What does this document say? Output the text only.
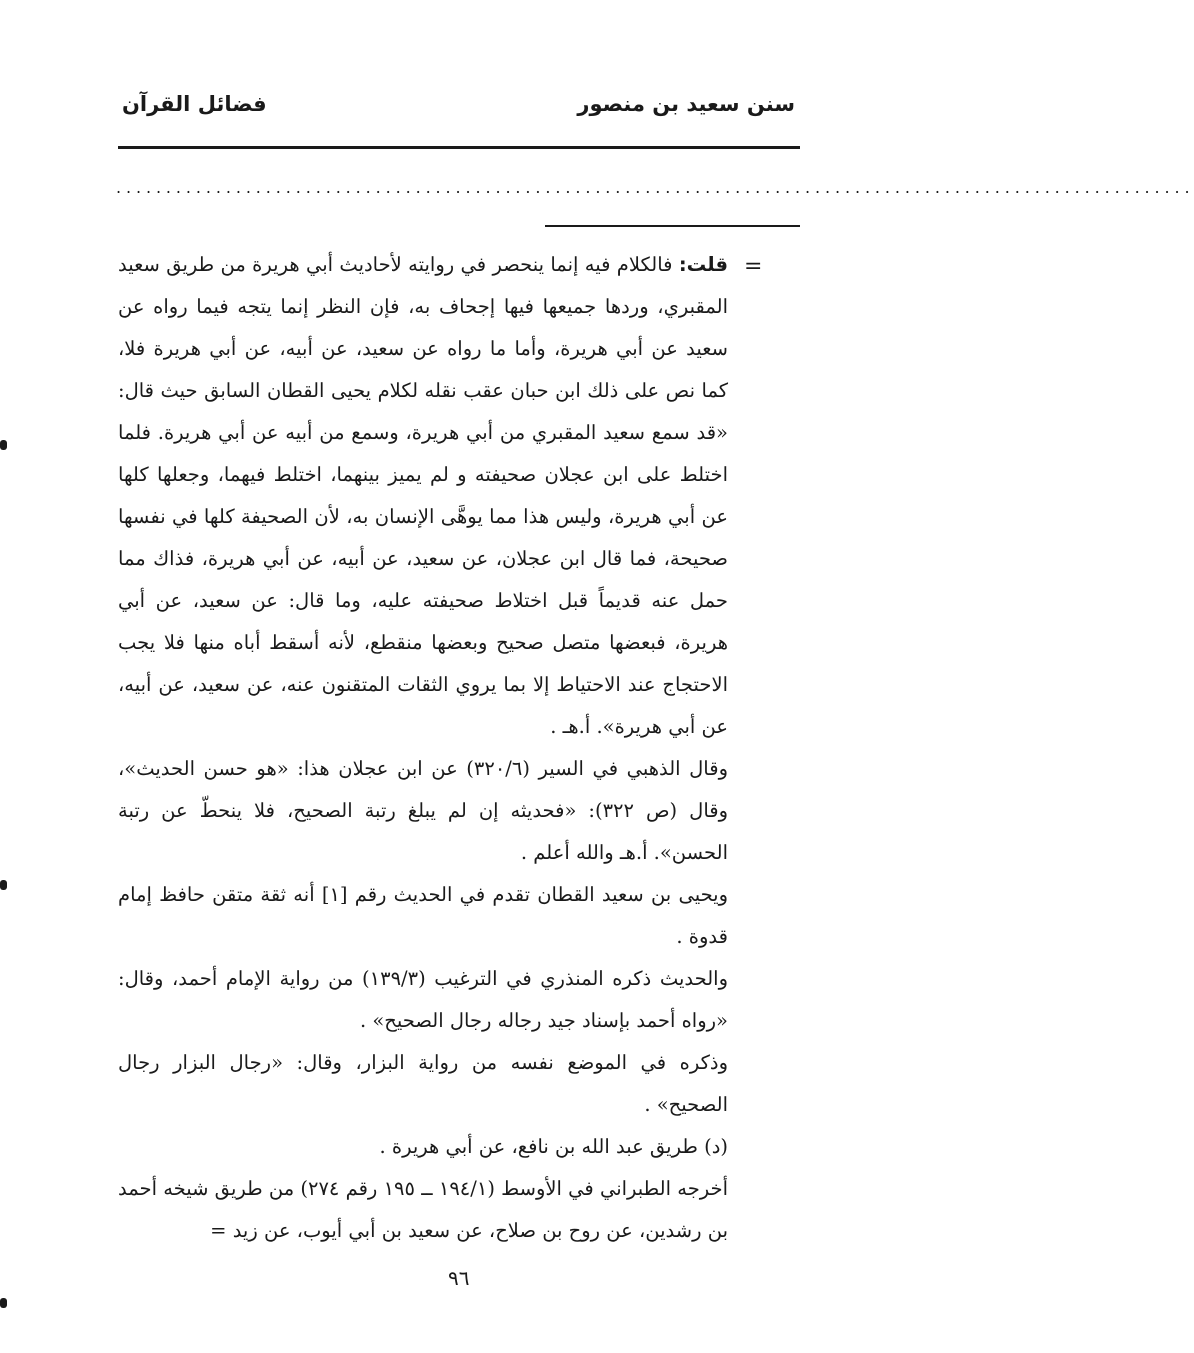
سنن سعيد بن منصور
فضائل القرآن
............................................................................................................
=

قلت: فالكلام فيه إنما ينحصر في روايته لأحاديث أبي هريرة من طريق سعيد المقبري، وردها جميعها فيها إجحاف به، فإن النظر إنما يتجه فيما رواه عن سعيد عن أبي هريرة، وأما ما رواه عن سعيد، عن أبيه، عن أبي هريرة فلا، كما نص على ذلك ابن حبان عقب نقله لكلام يحيى القطان السابق حيث قال: «قد سمع سعيد المقبري من أبي هريرة، وسمع من أبيه عن أبي هريرة. فلما اختلط على ابن عجلان صحيفته و لم يميز بينهما، اختلط فيهما، وجعلها كلها عن أبي هريرة، وليس هذا مما يوهَّى الإنسان به، لأن الصحيفة كلها في نفسها صحيحة، فما قال ابن عجلان، عن سعيد، عن أبيه، عن أبي هريرة، فذاك مما حمل عنه قديماً قبل اختلاط صحيفته عليه، وما قال: عن سعيد، عن أبي هريرة، فبعضها متصل صحيح وبعضها منقطع، لأنه أسقط أباه منها فلا يجب الاحتجاج عند الاحتياط إلا بما يروي الثقات المتقنون عنه، عن سعيد، عن أبيه، عن أبي هريرة». أ.هـ .

وقال الذهبي في السير (٣٢٠/٦) عن ابن عجلان هذا: «هو حسن الحديث»، وقال (ص ٣٢٢): «فحديثه إن لم يبلغ رتبة الصحيح، فلا ينحطّ عن رتبة الحسن». أ.هـ والله أعلم .

ويحيى بن سعيد القطان تقدم في الحديث رقم [١] أنه ثقة متقن حافظ إمام قدوة .

والحديث ذكره المنذري في الترغيب (١٣٩/٣) من رواية الإمام أحمد، وقال: «رواه أحمد بإسناد جيد رجاله رجال الصحيح» .

وذكره في الموضع نفسه من رواية البزار، وقال: «رجال البزار رجال الصحيح» .

(د) طريق عبد الله بن نافع، عن أبي هريرة .

أخرجه الطبراني في الأوسط (١٩٤/١ ــ ١٩٥ رقم ٢٧٤) من طريق شيخه أحمد بن رشدين، عن روح بن صلاح، عن سعيد بن أبي أيوب، عن زيد =

٩٦
